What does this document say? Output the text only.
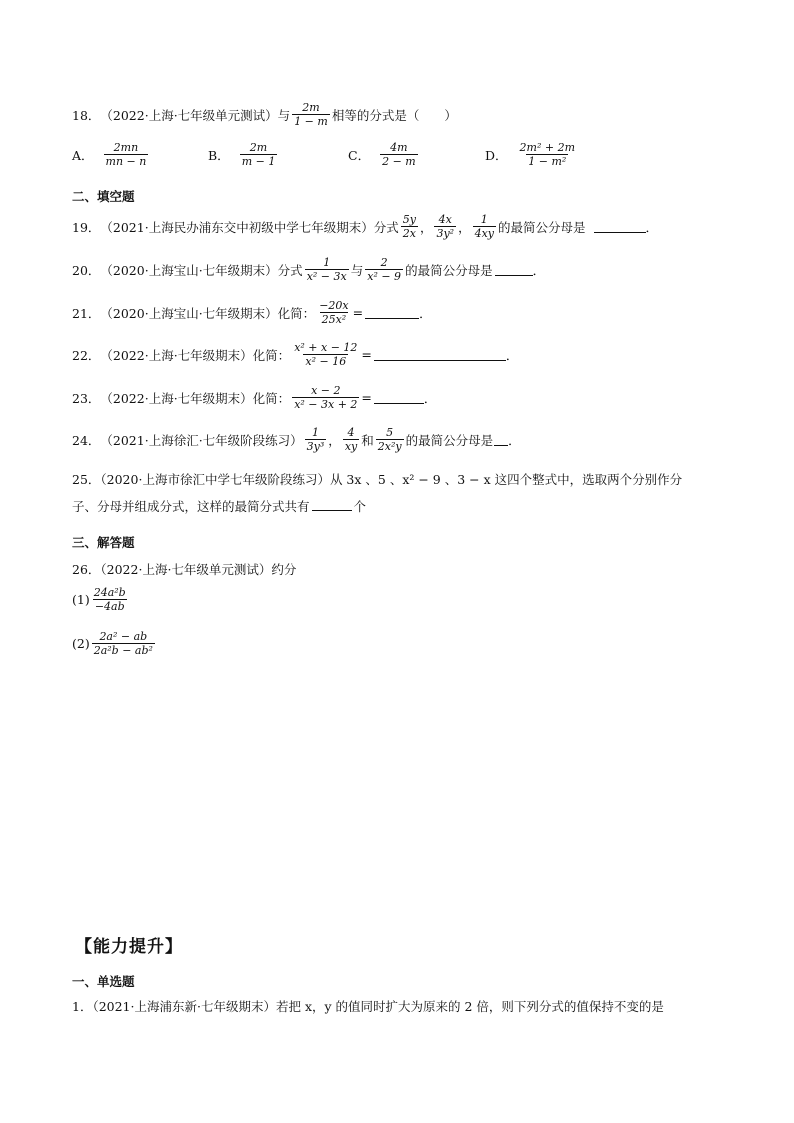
18． （2022·上海·七年级单元测试） 与 $\frac{2m}{1 - m}$ 相等的分式是（　　）
A． $\frac{2mn}{mn - n}$	B． $\frac{2m}{m - 1}$	C． $\frac{4m}{2 - m}$	D． $\frac{\text{2m² + 2m}}{\text{1 − m²}}$
二、填空题
19． （2021·上海民办浦东交中初级中学七年级期末） 分式 $\frac{5y}{2x}$ ， $\frac{4x}{\text{3y²}}$ ， $\frac{1}{4xy}$ 的最简公分母是	．
20． （2020·上海宝山·七年级期末） 分式 $\frac{1}{\text{x² − 3x}}$ 与 $\frac{2}{\text{x² − 9}}$ 的最简公分母是	．
21． （2020·上海宝山·七年级期末） 化简： $\frac{-20x}{\text{25x²}}$ =	．
22． （2022·上海·七年级期末） 化简： $\frac{\text{x² + x − 12}}{\text{x² − 16}}$ =	．
23． （2022·上海·七年级期末） 化简： $\frac{x - 2}{\text{x² − 3x + 2}}$ =	．
24． （2021·上海徐汇·七年级阶段练习） $\frac{1}{\text{3y³}}$ ， $\frac{4}{xy}$ 和 $\frac{5}{\text{2x²y}}$ 的最简公分母是 ．
25．（2020·上海市徐汇中学七年级阶段练习）从 3x 、5 、x² − 9 、3 − x 这四个整式中，选取两个分别作分
子、分母并组成分式，这样的最简分式共有	个
三、解答题
26．（2022·上海·七年级单元测试）约分
$(1) \frac{\text{24a²b}}{-4ab}$
$(2) \frac{\text{2a² − ab}}{\text{2a²b − ab²}}$
【能力提升】
一、单选题
1．（2021·上海浦东新·七年级期末）若把 x，y 的值同时扩大为原来的 2 倍，则下列分式的值保持不变的是
